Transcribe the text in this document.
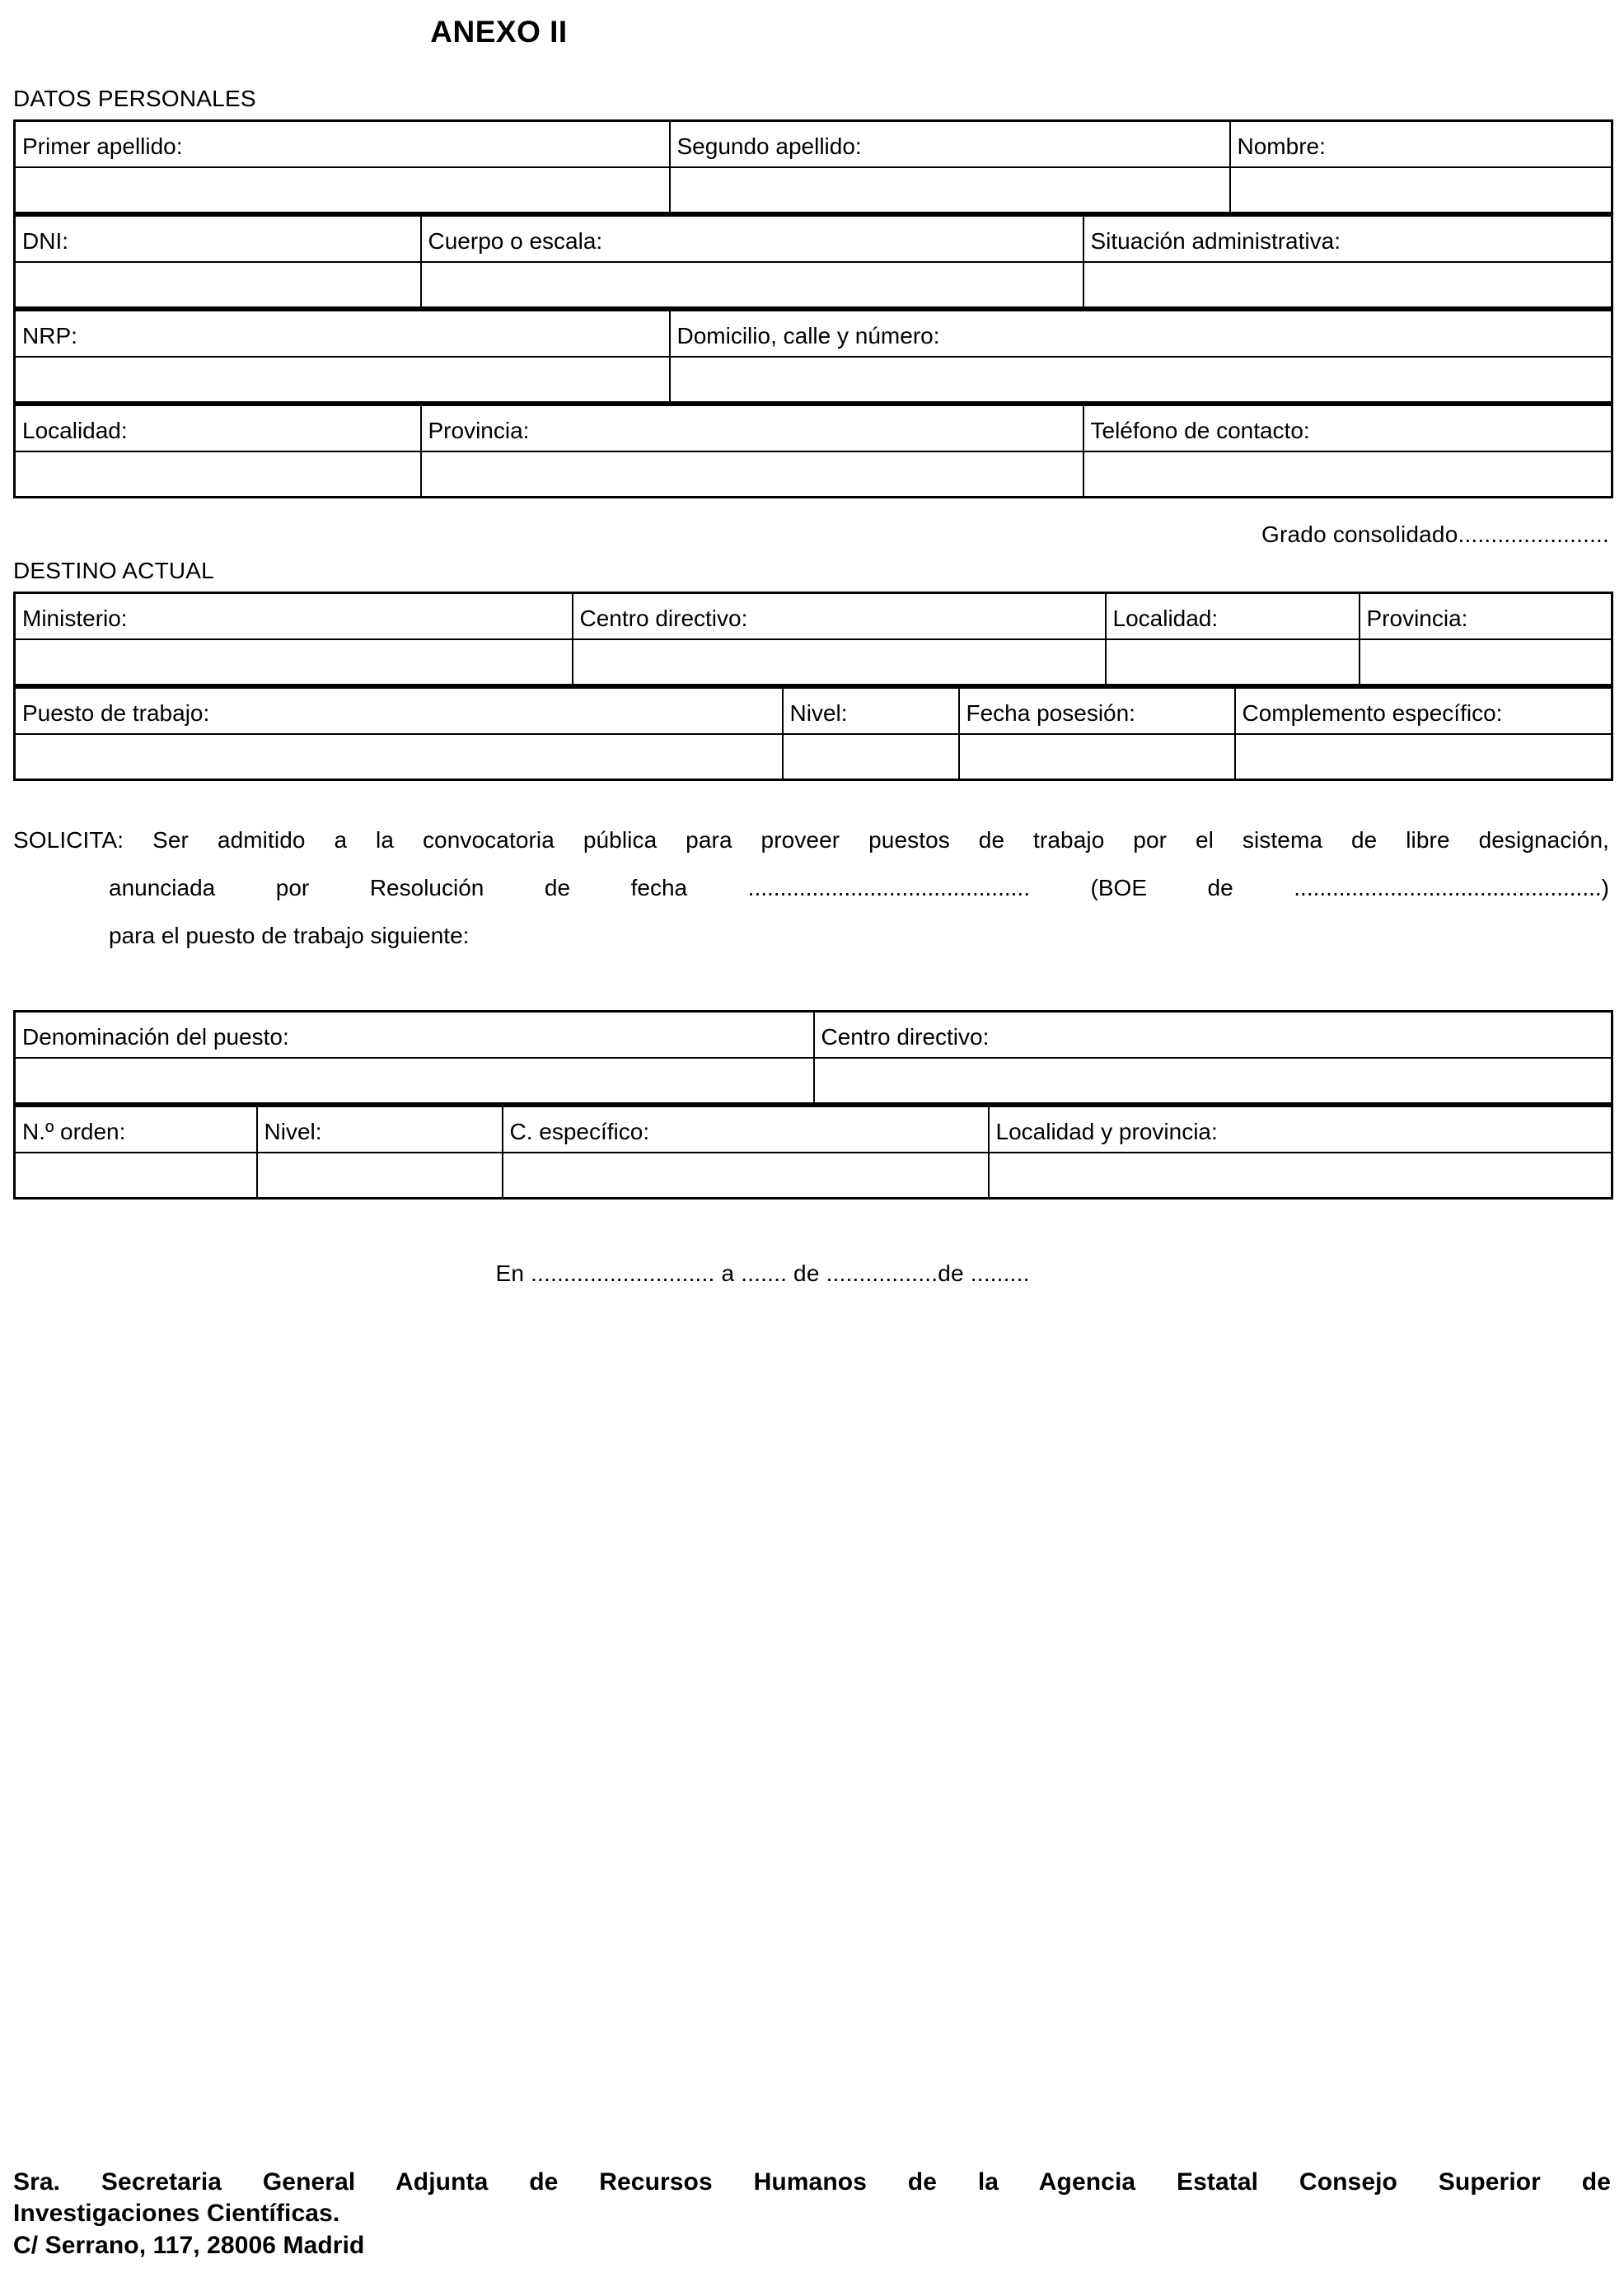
ANEXO II
DATOS PERSONALES
Primer apellido:	Segundo apellido:	Nombre:

DNI:	Cuerpo o escala:	Situación administrativa:

NRP:	Domicilio, calle y número:

Localidad:	Provincia:	Teléfono de contacto:

Grado consolidado.......................
DESTINO ACTUAL
Ministerio:	Centro directivo:	Localidad:	Provincia:

Puesto de trabajo:	Nivel:	Fecha posesión:	Complemento específico:

SOLICITA: Ser admitido a la convocatoria pública para proveer puestos de trabajo por el sistema de libre designación,
anunciada por Resolución de fecha ............................................ (BOE de ................................................)
para el puesto de trabajo siguiente:
Denominación del puesto:	Centro directivo:

N.º orden:	Nivel:	C. específico:	Localidad y provincia:

En ............................ a ....... de .................de .........
Sra. Secretaria General Adjunta de Recursos Humanos de la Agencia Estatal Consejo Superior de
Investigaciones Científicas.
C/ Serrano, 117, 28006 Madrid
